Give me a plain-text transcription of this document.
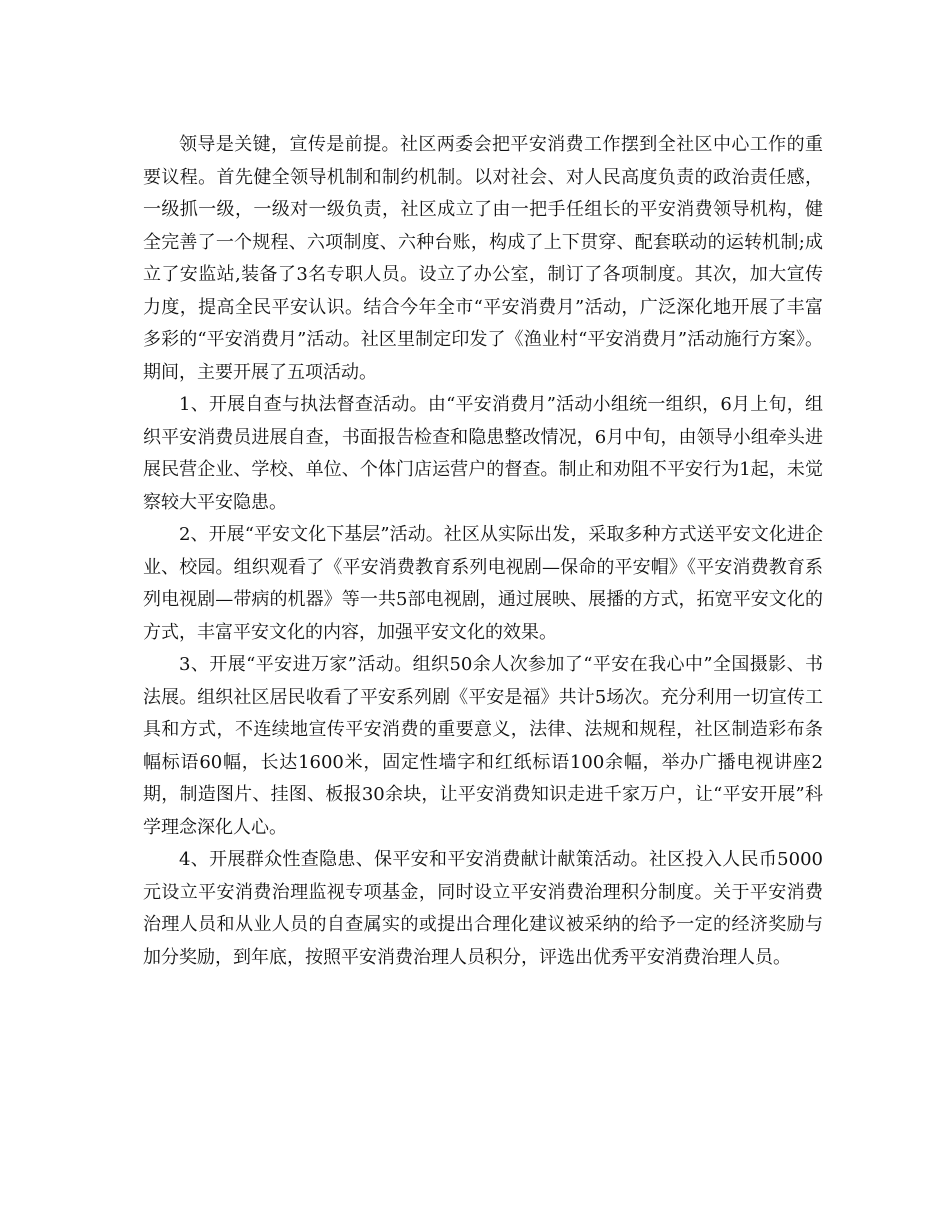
领导是关键，宣传是前提。社区两委会把平安消费工作摆到全社区中心工作的重要议程。首先健全领导机制和制约机制。以对社会、对人民高度负责的政治责任感，一级抓一级，一级对一级负责，社区成立了由一把手任组长的平安消费领导机构，健全完善了一个规程、六项制度、六种台账，构成了上下贯穿、配套联动的运转机制;成立了安监站,装备了3名专职人员。设立了办公室，制订了各项制度。其次，加大宣传力度，提高全民平安认识。结合今年全市“平安消费月”活动，广泛深化地开展了丰富多彩的“平安消费月”活动。社区里制定印发了《渔业村“平安消费月”活动施行方案》。期间，主要开展了五项活动。

1、开展自查与执法督查活动。由“平安消费月”活动小组统一组织，6月上旬，组织平安消费员进展自查，书面报告检查和隐患整改情况，6月中旬，由领导小组牵头进展民营企业、学校、单位、个体门店运营户的督查。制止和劝阻不平安行为1起，未觉察较大平安隐患。

2、开展“平安文化下基层”活动。社区从实际出发，采取多种方式送平安文化进企业、校园。组织观看了《平安消费教育系列电视剧—保命的平安帽》《平安消费教育系列电视剧—带病的机器》等一共5部电视剧，通过展映、展播的方式，拓宽平安文化的方式，丰富平安文化的内容，加强平安文化的效果。

3、开展“平安进万家”活动。组织50余人次参加了“平安在我心中”全国摄影、书法展。组织社区居民收看了平安系列剧《平安是福》共计5场次。充分利用一切宣传工具和方式，不连续地宣传平安消费的重要意义，法律、法规和规程，社区制造彩布条幅标语60幅，长达1600米，固定性墙字和红纸标语100余幅，举办广播电视讲座2期，制造图片、挂图、板报30余块，让平安消费知识走进千家万户，让“平安开展”科学理念深化人心。

4、开展群众性查隐患、保平安和平安消费献计献策活动。社区投入人民币5000元设立平安消费治理监视专项基金，同时设立平安消费治理积分制度。关于平安消费治理人员和从业人员的自查属实的或提出合理化建议被采纳的给予一定的经济奖励与加分奖励，到年底，按照平安消费治理人员积分，评选出优秀平安消费治理人员。
